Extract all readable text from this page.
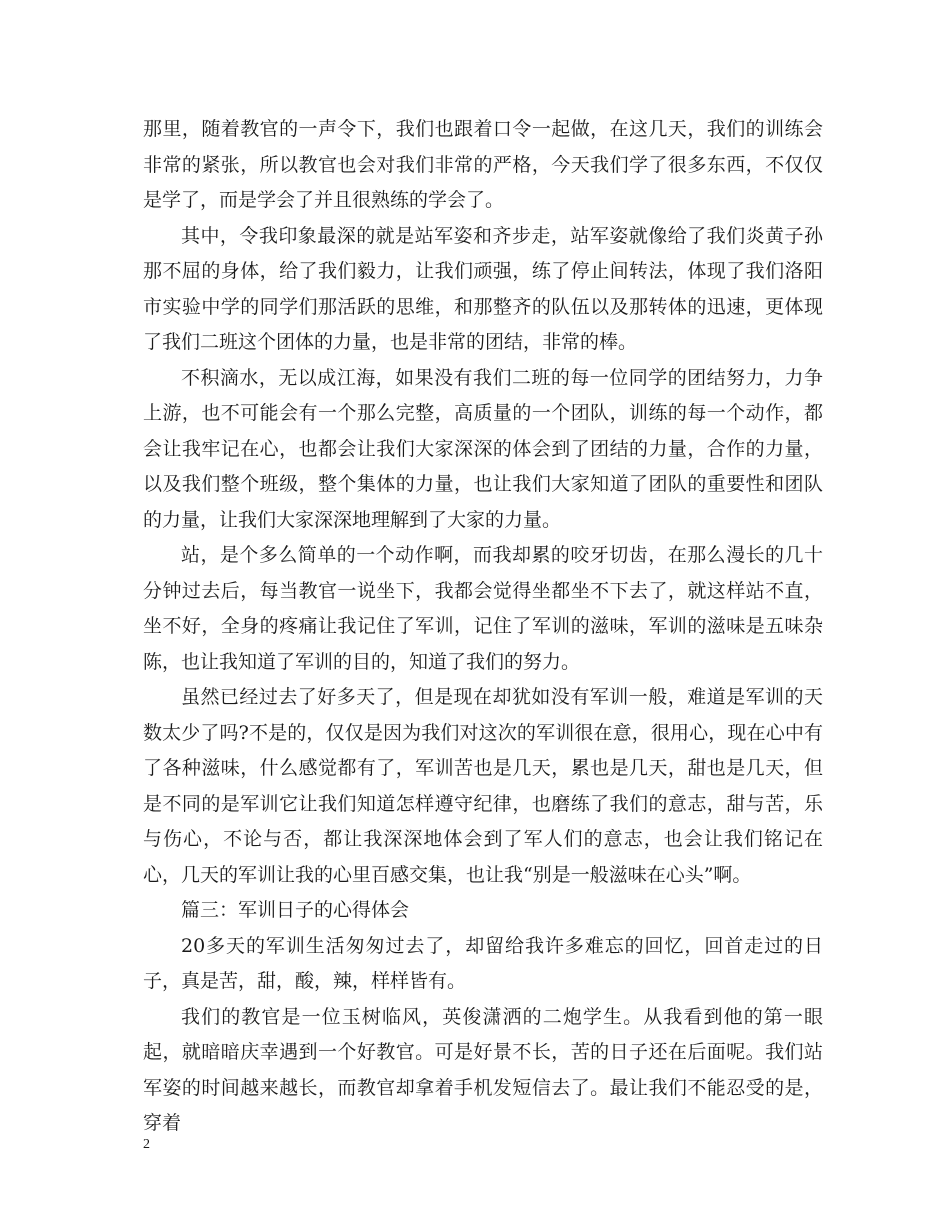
那里，随着教官的一声令下，我们也跟着口令一起做，在这几天，我们的训练会非常的紧张，所以教官也会对我们非常的严格，今天我们学了很多东西，不仅仅是学了，而是学会了并且很熟练的学会了。

其中，令我印象最深的就是站军姿和齐步走，站军姿就像给了我们炎黄子孙那不屈的身体，给了我们毅力，让我们顽强，练了停止间转法，体现了我们洛阳市实验中学的同学们那活跃的思维，和那整齐的队伍以及那转体的迅速，更体现了我们二班这个团体的力量，也是非常的团结，非常的棒。

不积滴水，无以成江海，如果没有我们二班的每一位同学的团结努力，力争上游，也不可能会有一个那么完整，高质量的一个团队，训练的每一个动作，都会让我牢记在心，也都会让我们大家深深的体会到了团结的力量，合作的力量，以及我们整个班级，整个集体的力量，也让我们大家知道了团队的重要性和团队的力量，让我们大家深深地理解到了大家的力量。

站，是个多么简单的一个动作啊，而我却累的咬牙切齿，在那么漫长的几十分钟过去后，每当教官一说坐下，我都会觉得坐都坐不下去了，就这样站不直，坐不好，全身的疼痛让我记住了军训，记住了军训的滋味，军训的滋味是五味杂陈，也让我知道了军训的目的，知道了我们的努力。

虽然已经过去了好多天了，但是现在却犹如没有军训一般，难道是军训的天数太少了吗?不是的，仅仅是因为我们对这次的军训很在意，很用心，现在心中有了各种滋味，什么感觉都有了，军训苦也是几天，累也是几天，甜也是几天，但是不同的是军训它让我们知道怎样遵守纪律，也磨练了我们的意志，甜与苦，乐与伤心，不论与否，都让我深深地体会到了军人们的意志，也会让我们铭记在心，几天的军训让我的心里百感交集，也让我“别是一般滋味在心头”啊。

篇三：军训日子的心得体会

20多天的军训生活匆匆过去了，却留给我许多难忘的回忆，回首走过的日子，真是苦，甜，酸，辣，样样皆有。

我们的教官是一位玉树临风，英俊潇洒的二炮学生。从我看到他的第一眼起，就暗暗庆幸遇到一个好教官。可是好景不长，苦的日子还在后面呢。我们站军姿的时间越来越长，而教官却拿着手机发短信去了。最让我们不能忍受的是，穿着

2
